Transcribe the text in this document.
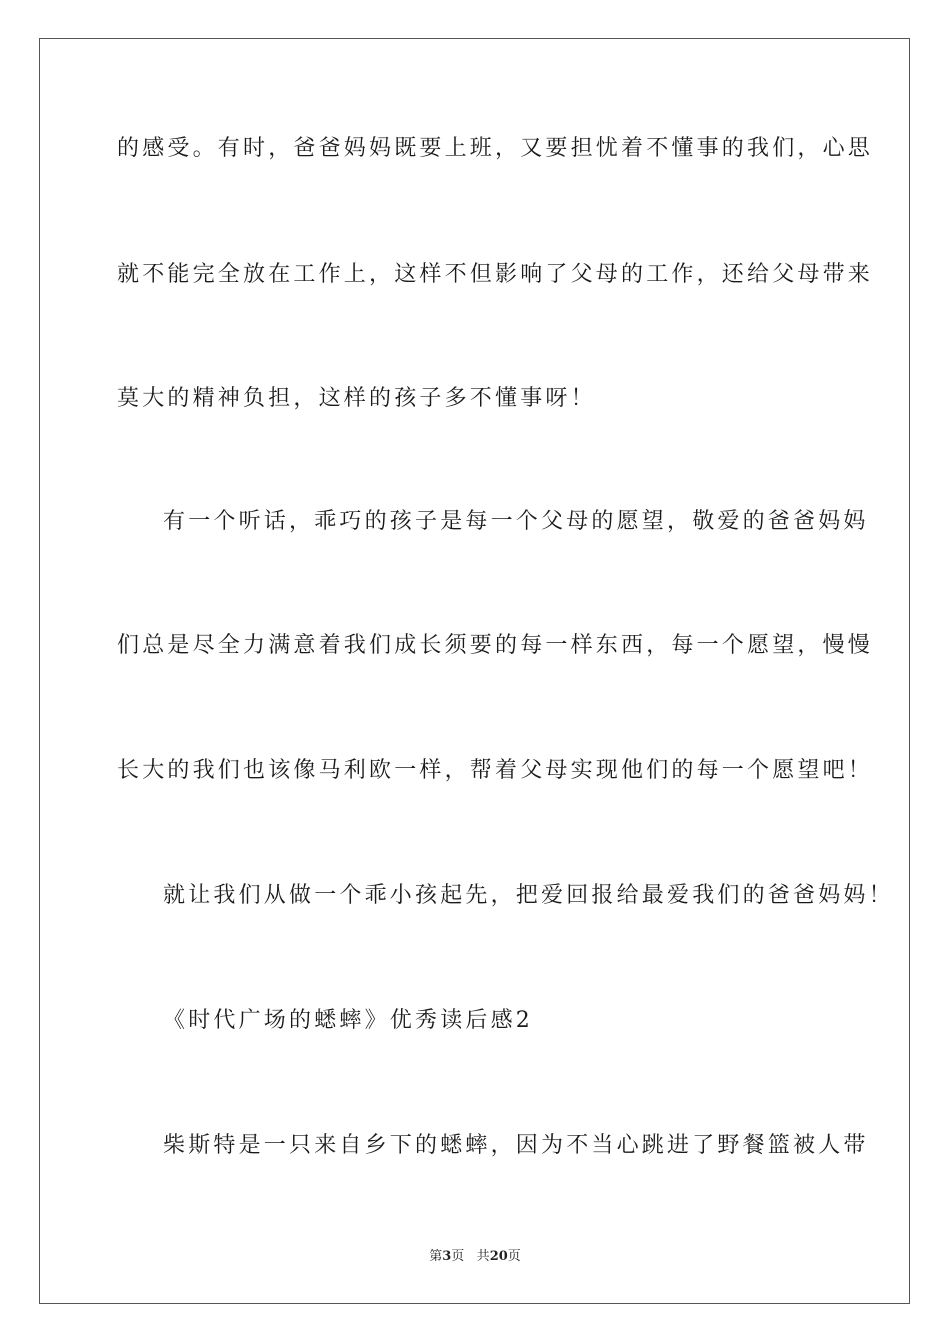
的感受。有时，爸爸妈妈既要上班，又要担忧着不懂事的我们，心思
就不能完全放在工作上，这样不但影响了父母的工作，还给父母带来
莫大的精神负担，这样的孩子多不懂事呀！
有一个听话，乖巧的孩子是每一个父母的愿望，敬爱的爸爸妈妈
们总是尽全力满意着我们成长须要的每一样东西，每一个愿望，慢慢
长大的我们也该像马利欧一样，帮着父母实现他们的每一个愿望吧！
就让我们从做一个乖小孩起先，把爱回报给最爱我们的爸爸妈妈！
《时代广场的蟋蟀》优秀读后感2
柴斯特是一只来自乡下的蟋蟀，因为不当心跳进了野餐篮被人带
第3页 共20页
